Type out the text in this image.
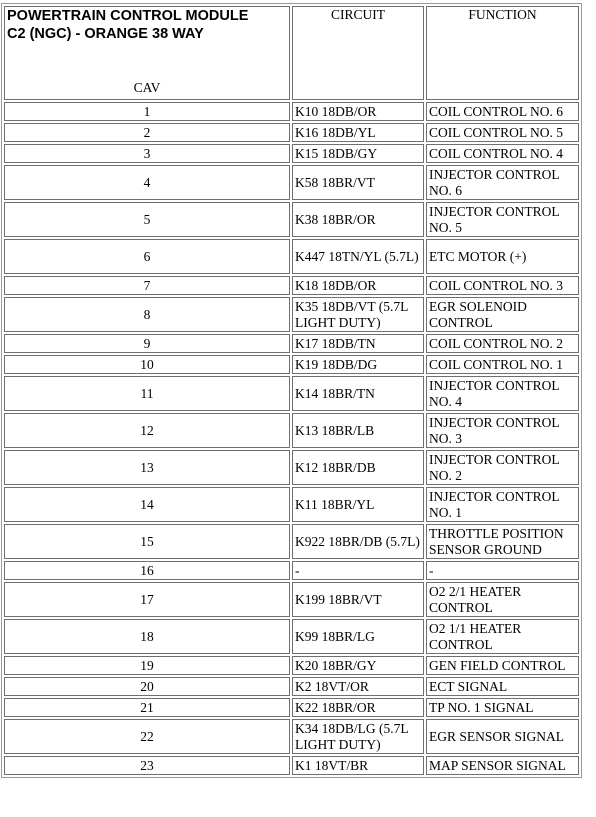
POWERTRAIN CONTROL MODULE C2 (NGC) - ORANGE 38 WAY
CAV	CIRCUIT	FUNCTION
1	K10 18DB/OR	COIL CONTROL NO. 6
2	K16 18DB/YL	COIL CONTROL NO. 5
3	K15 18DB/GY	COIL CONTROL NO. 4
4	K58 18BR/VT	INJECTOR CONTROL NO. 6
5	K38 18BR/OR	INJECTOR CONTROL NO. 5
6	K447 18TN/YL (5.7L)	ETC MOTOR (+)
7	K18 18DB/OR	COIL CONTROL NO. 3
8	K35 18DB/VT (5.7L LIGHT DUTY)	EGR SOLENOID CONTROL
9	K17 18DB/TN	COIL CONTROL NO. 2
10	K19 18DB/DG	COIL CONTROL NO. 1
11	K14 18BR/TN	INJECTOR CONTROL NO. 4
12	K13 18BR/LB	INJECTOR CONTROL NO. 3
13	K12 18BR/DB	INJECTOR CONTROL NO. 2
14	K11 18BR/YL	INJECTOR CONTROL NO. 1
15	K922 18BR/DB (5.7L)	THROTTLE POSITION SENSOR GROUND
16	-	-
17	K199 18BR/VT	O2 2/1 HEATER CONTROL
18	K99 18BR/LG	O2 1/1 HEATER CONTROL
19	K20 18BR/GY	GEN FIELD CONTROL
20	K2 18VT/OR	ECT SIGNAL
21	K22 18BR/OR	TP NO. 1 SIGNAL
22	K34 18DB/LG (5.7L LIGHT DUTY)	EGR SENSOR SIGNAL
23	K1 18VT/BR	MAP SENSOR SIGNAL
